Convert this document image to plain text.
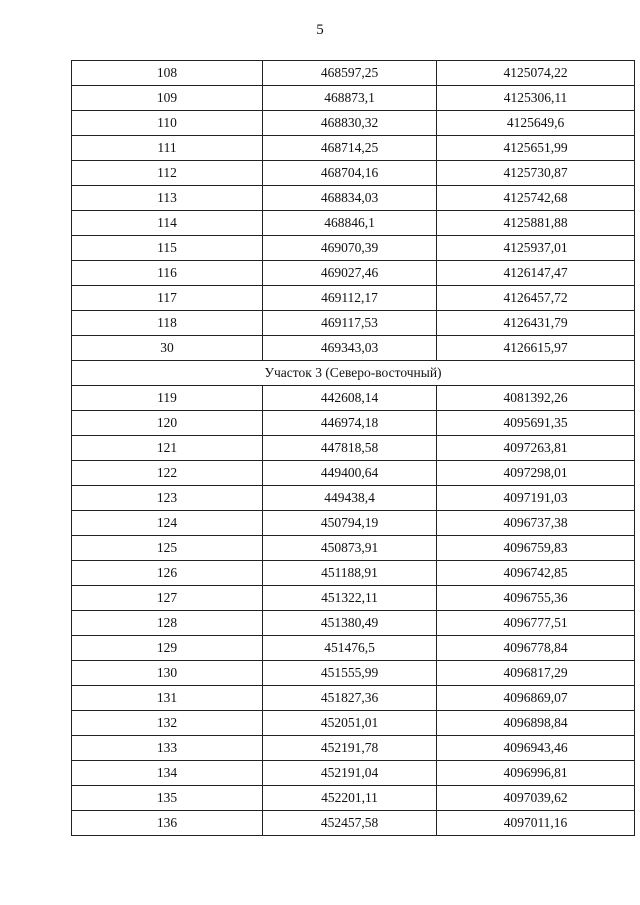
5
108	468597,25	4125074,22
109	468873,1	4125306,11
110	468830,32	4125649,6
111	468714,25	4125651,99
112	468704,16	4125730,87
113	468834,03	4125742,68
114	468846,1	4125881,88
115	469070,39	4125937,01
116	469027,46	4126147,47
117	469112,17	4126457,72
118	469117,53	4126431,79
30	469343,03	4126615,97
Участок 3 (Северо-восточный)		
119	442608,14	4081392,26
120	446974,18	4095691,35
121	447818,58	4097263,81
122	449400,64	4097298,01
123	449438,4	4097191,03
124	450794,19	4096737,38
125	450873,91	4096759,83
126	451188,91	4096742,85
127	451322,11	4096755,36
128	451380,49	4096777,51
129	451476,5	4096778,84
130	451555,99	4096817,29
131	451827,36	4096869,07
132	452051,01	4096898,84
133	452191,78	4096943,46
134	452191,04	4096996,81
135	452201,11	4097039,62
136	452457,58	4097011,16
